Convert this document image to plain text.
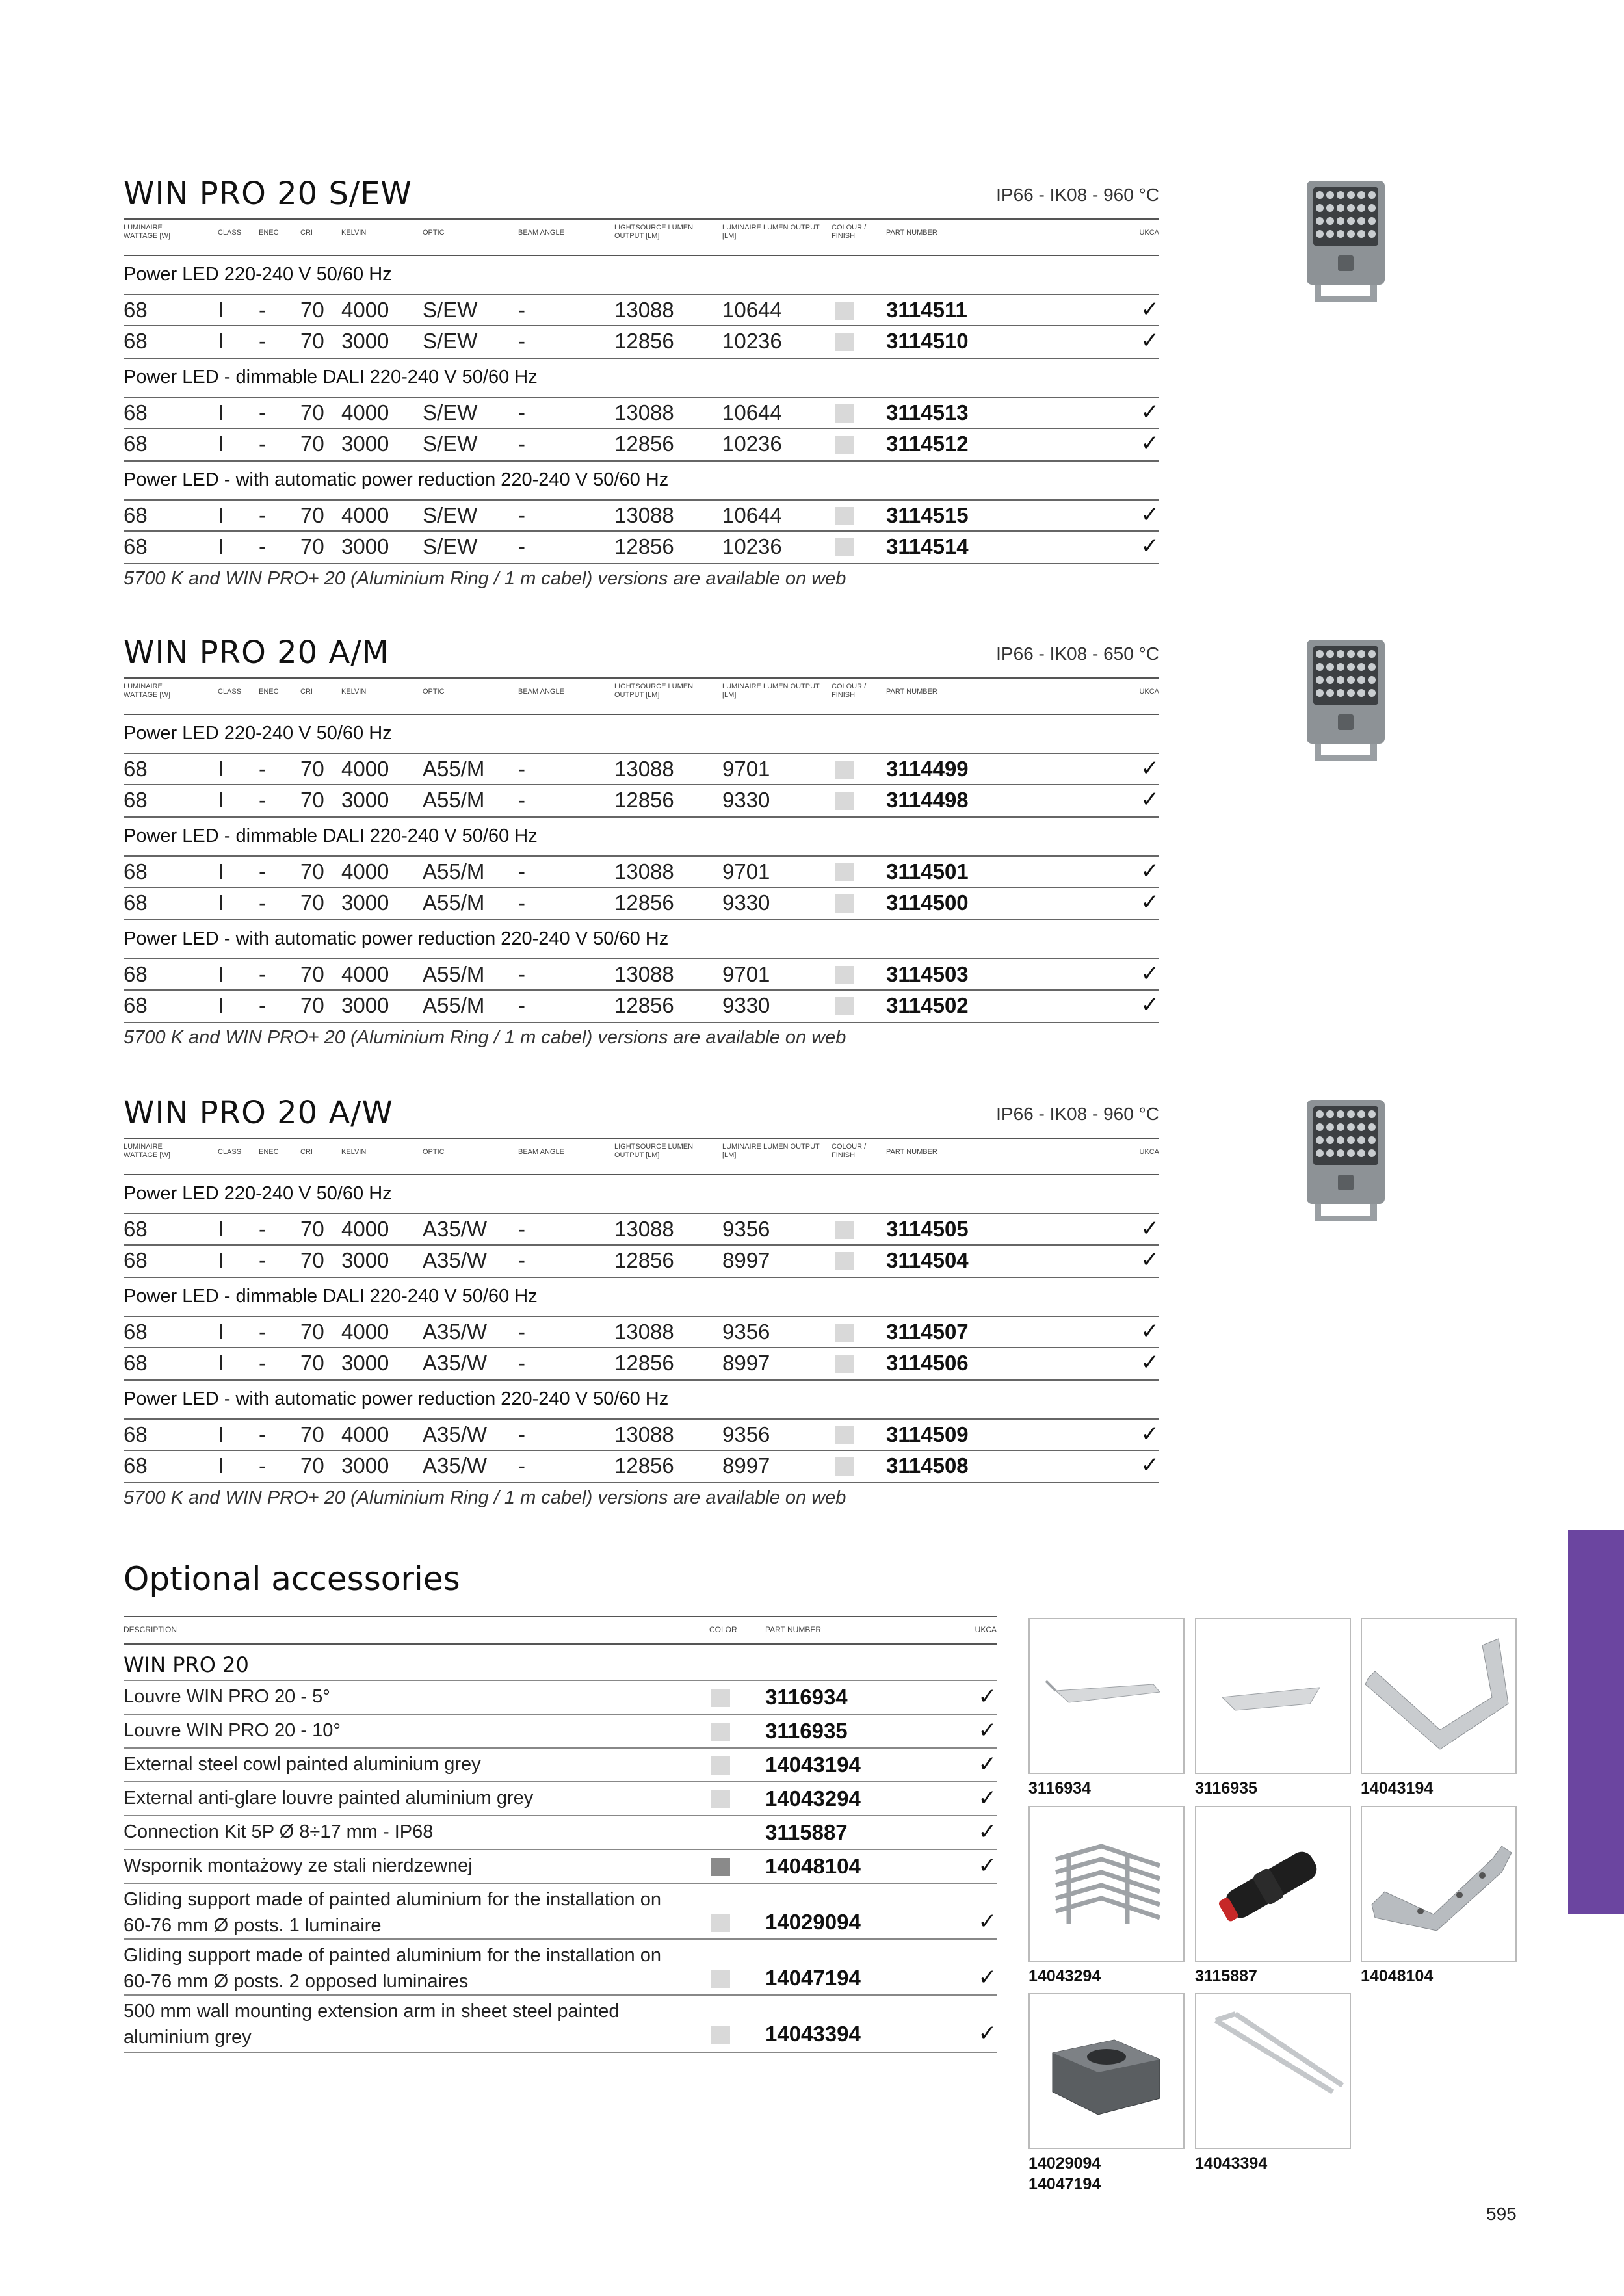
WIN PRO 20 S/EW	IP66 - IK08 - 960 °C
LUMINAIRE WATTAGE [W]	CLASS ENEC	CRI	KELVIN	OPTIC	BEAM ANGLE
LIGHTSOURCE LUMEN OUTPUT [LM]
LUMINAIRE LUMEN OUTPUT [LM]
COLOUR / FINISH	PART NUMBER	UKCA
Power LED 220-240 V 50/60 Hz
68	I - 70 4000 S/EW -	13088 10644	3114511	✓
68	I - 70 3000 S/EW -	12856 10236	3114510	✓
Power LED - dimmable DALI 220-240 V 50/60 Hz
68	I - 70 4000 S/EW -	13088 10644	3114513	✓
68	I - 70 3000 S/EW -	12856 10236	3114512	✓
Power LED - with automatic power reduction 220-240 V 50/60 Hz
68	I - 70 4000 S/EW -	13088 10644	3114515	✓
68	I - 70 3000 S/EW -	12856 10236	3114514	✓
5700 K and WIN PRO+ 20 (Aluminium Ring / 1 m cabel) versions are available on web
WIN PRO 20 A/M	IP66 - IK08 - 650 °C
LUMINAIRE WATTAGE [W]	CLASS ENEC	CRI	KELVIN	OPTIC	BEAM ANGLE
LIGHTSOURCE LUMEN OUTPUT [LM]
LUMINAIRE LUMEN OUTPUT [LM]
COLOUR / FINISH	PART NUMBER	UKCA
Power LED 220-240 V 50/60 Hz
68	I - 70 4000 A55/M -	13088 9701	3114499	✓
68	I - 70 3000 A55/M -	12856 9330	3114498	✓
Power LED - dimmable DALI 220-240 V 50/60 Hz
68	I - 70 4000 A55/M -	13088 9701	3114501	✓
68	I - 70 3000 A55/M -	12856 9330	3114500	✓
Power LED - with automatic power reduction 220-240 V 50/60 Hz
68	I - 70 4000 A55/M -	13088 9701	3114503	✓
68	I - 70 3000 A55/M -	12856 9330	3114502	✓
5700 K and WIN PRO+ 20 (Aluminium Ring / 1 m cabel) versions are available on web
WIN PRO 20 A/W	IP66 - IK08 - 960 °C
LUMINAIRE WATTAGE [W]	CLASS ENEC	CRI	KELVIN	OPTIC	BEAM ANGLE
LIGHTSOURCE LUMEN OUTPUT [LM]
LUMINAIRE LUMEN OUTPUT [LM]
COLOUR / FINISH	PART NUMBER	UKCA
Power LED 220-240 V 50/60 Hz
68	I - 70 4000 A35/W -	13088 9356	3114505	✓
68	I - 70 3000 A35/W -	12856 8997	3114504	✓
Power LED - dimmable DALI 220-240 V 50/60 Hz
68	I - 70 4000 A35/W -	13088 9356	3114507	✓
68	I - 70 3000 A35/W -	12856 8997	3114506	✓
Power LED - with automatic power reduction 220-240 V 50/60 Hz
68	I - 70 4000 A35/W -	13088 9356	3114509	✓
68	I - 70 3000 A35/W -	12856 8997	3114508	✓
5700 K and WIN PRO+ 20 (Aluminium Ring / 1 m cabel) versions are available on web
Optional accessories
DESCRIPTION	COLOR	PART NUMBER	UKCA
WIN PRO 20
Louvre WIN PRO 20 - 5°	3116934	✓
Louvre WIN PRO 20 - 10°	3116935	✓
External steel cowl painted aluminium grey	14043194	✓
External anti-glare louvre painted aluminium grey	14043294	✓
Connection Kit 5P Ø 8÷17 mm - IP68	3115887	✓
Wspornik montażowy ze stali nierdzewnej	14048104	✓
Gliding support made of painted aluminium for the installation on 60-76 mm Ø posts. 1 luminaire	14029094	✓
Gliding support made of painted aluminium for the installation on 60-76 mm Ø posts. 2 opposed luminaires	14047194	✓
500 mm wall mounting extension arm in sheet steel painted aluminium grey	14043394	✓
3116934	3116935	14043194
14043294	3115887	14048104
14029094
14047194
14043394
595
